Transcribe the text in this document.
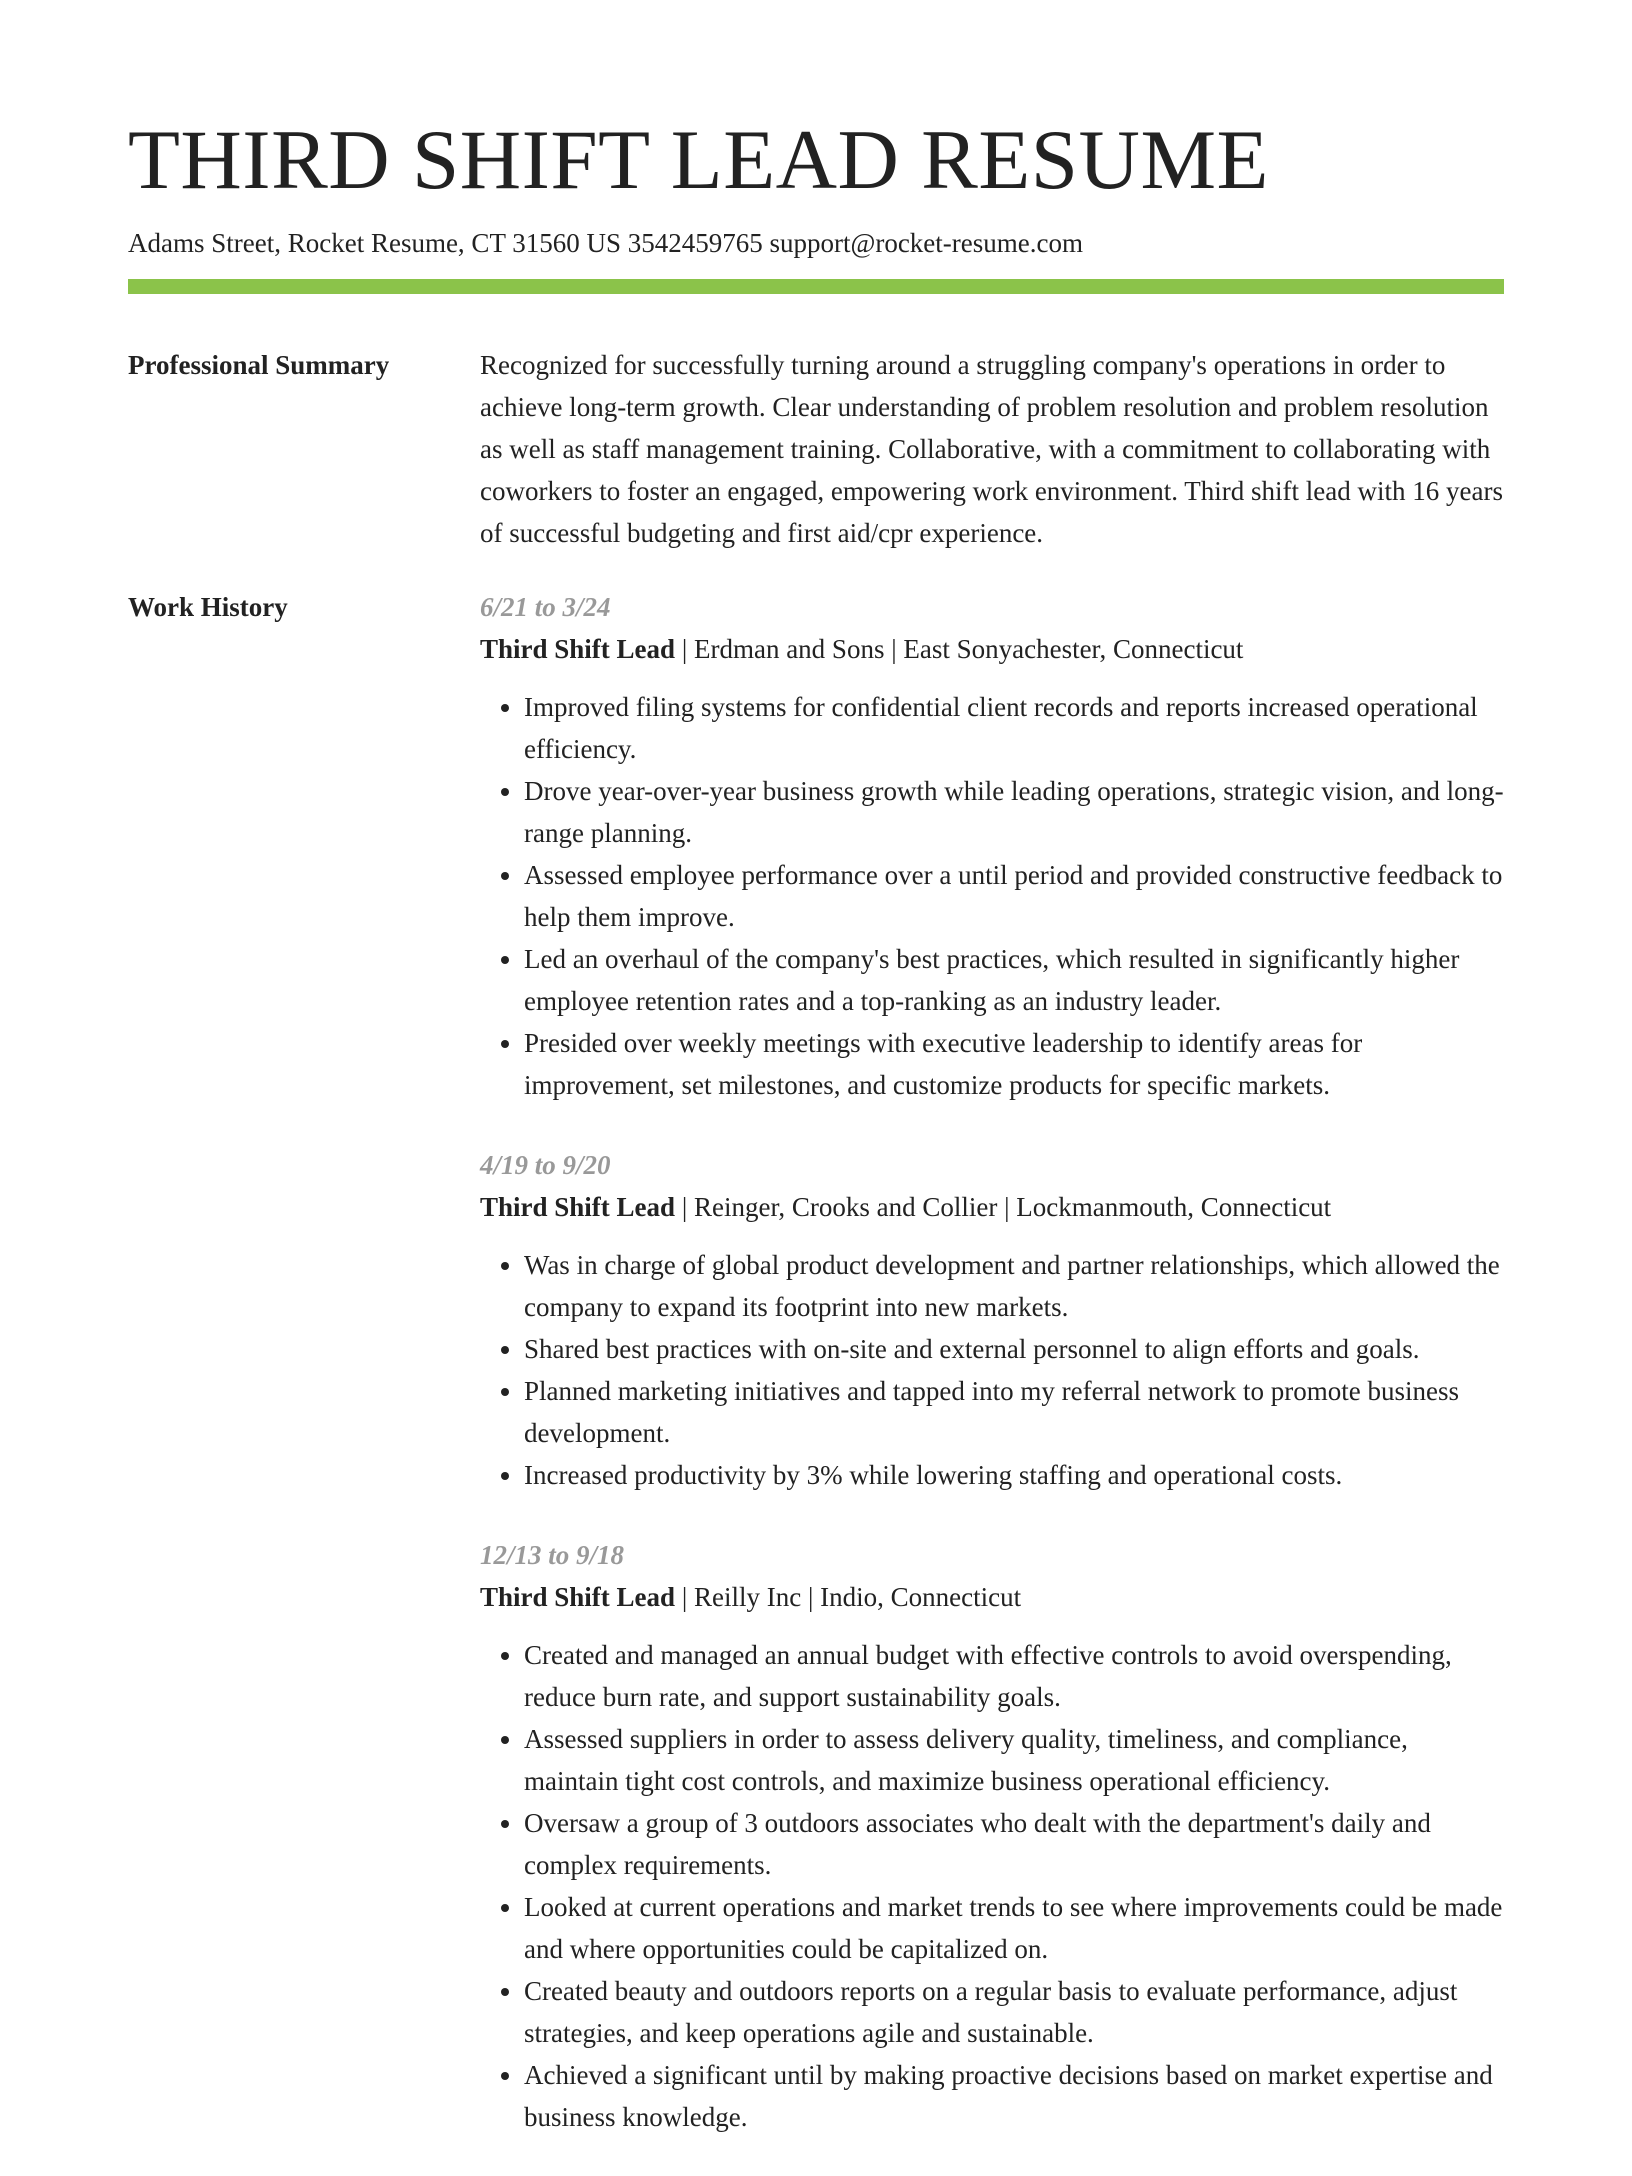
THIRD SHIFT LEAD RESUME
Adams Street, Rocket Resume, CT 31560 US 3542459765 support@rocket-resume.com
Professional Summary	Recognized for successfully turning around a struggling company's operations in order to achieve long-term growth. Clear understanding of problem resolution and problem resolution as well as staff management training. Collaborative, with a commitment to collaborating with coworkers to foster an engaged, empowering work environment. Third shift lead with 16 years of successful budgeting and first aid/cpr experience.
Work History	6/21 to 3/24
Third Shift Lead | Erdman and Sons | East Sonyachester, Connecticut
• Improved filing systems for confidential client records and reports increased operational efficiency.
• Drove year-over-year business growth while leading operations, strategic vision, and long-range planning.
• Assessed employee performance over a until period and provided constructive feedback to help them improve.
• Led an overhaul of the company's best practices, which resulted in significantly higher employee retention rates and a top-ranking as an industry leader.
• Presided over weekly meetings with executive leadership to identify areas for improvement, set milestones, and customize products for specific markets.
4/19 to 9/20
Third Shift Lead | Reinger, Crooks and Collier | Lockmanmouth, Connecticut
• Was in charge of global product development and partner relationships, which allowed the company to expand its footprint into new markets.
• Shared best practices with on-site and external personnel to align efforts and goals.
• Planned marketing initiatives and tapped into my referral network to promote business development.
• Increased productivity by 3% while lowering staffing and operational costs.
12/13 to 9/18
Third Shift Lead | Reilly Inc | Indio, Connecticut
• Created and managed an annual budget with effective controls to avoid overspending, reduce burn rate, and support sustainability goals.
• Assessed suppliers in order to assess delivery quality, timeliness, and compliance, maintain tight cost controls, and maximize business operational efficiency.
• Oversaw a group of 3 outdoors associates who dealt with the department's daily and complex requirements.
• Looked at current operations and market trends to see where improvements could be made and where opportunities could be capitalized on.
• Created beauty and outdoors reports on a regular basis to evaluate performance, adjust strategies, and keep operations agile and sustainable.
• Achieved a significant until by making proactive decisions based on market expertise and business knowledge.
